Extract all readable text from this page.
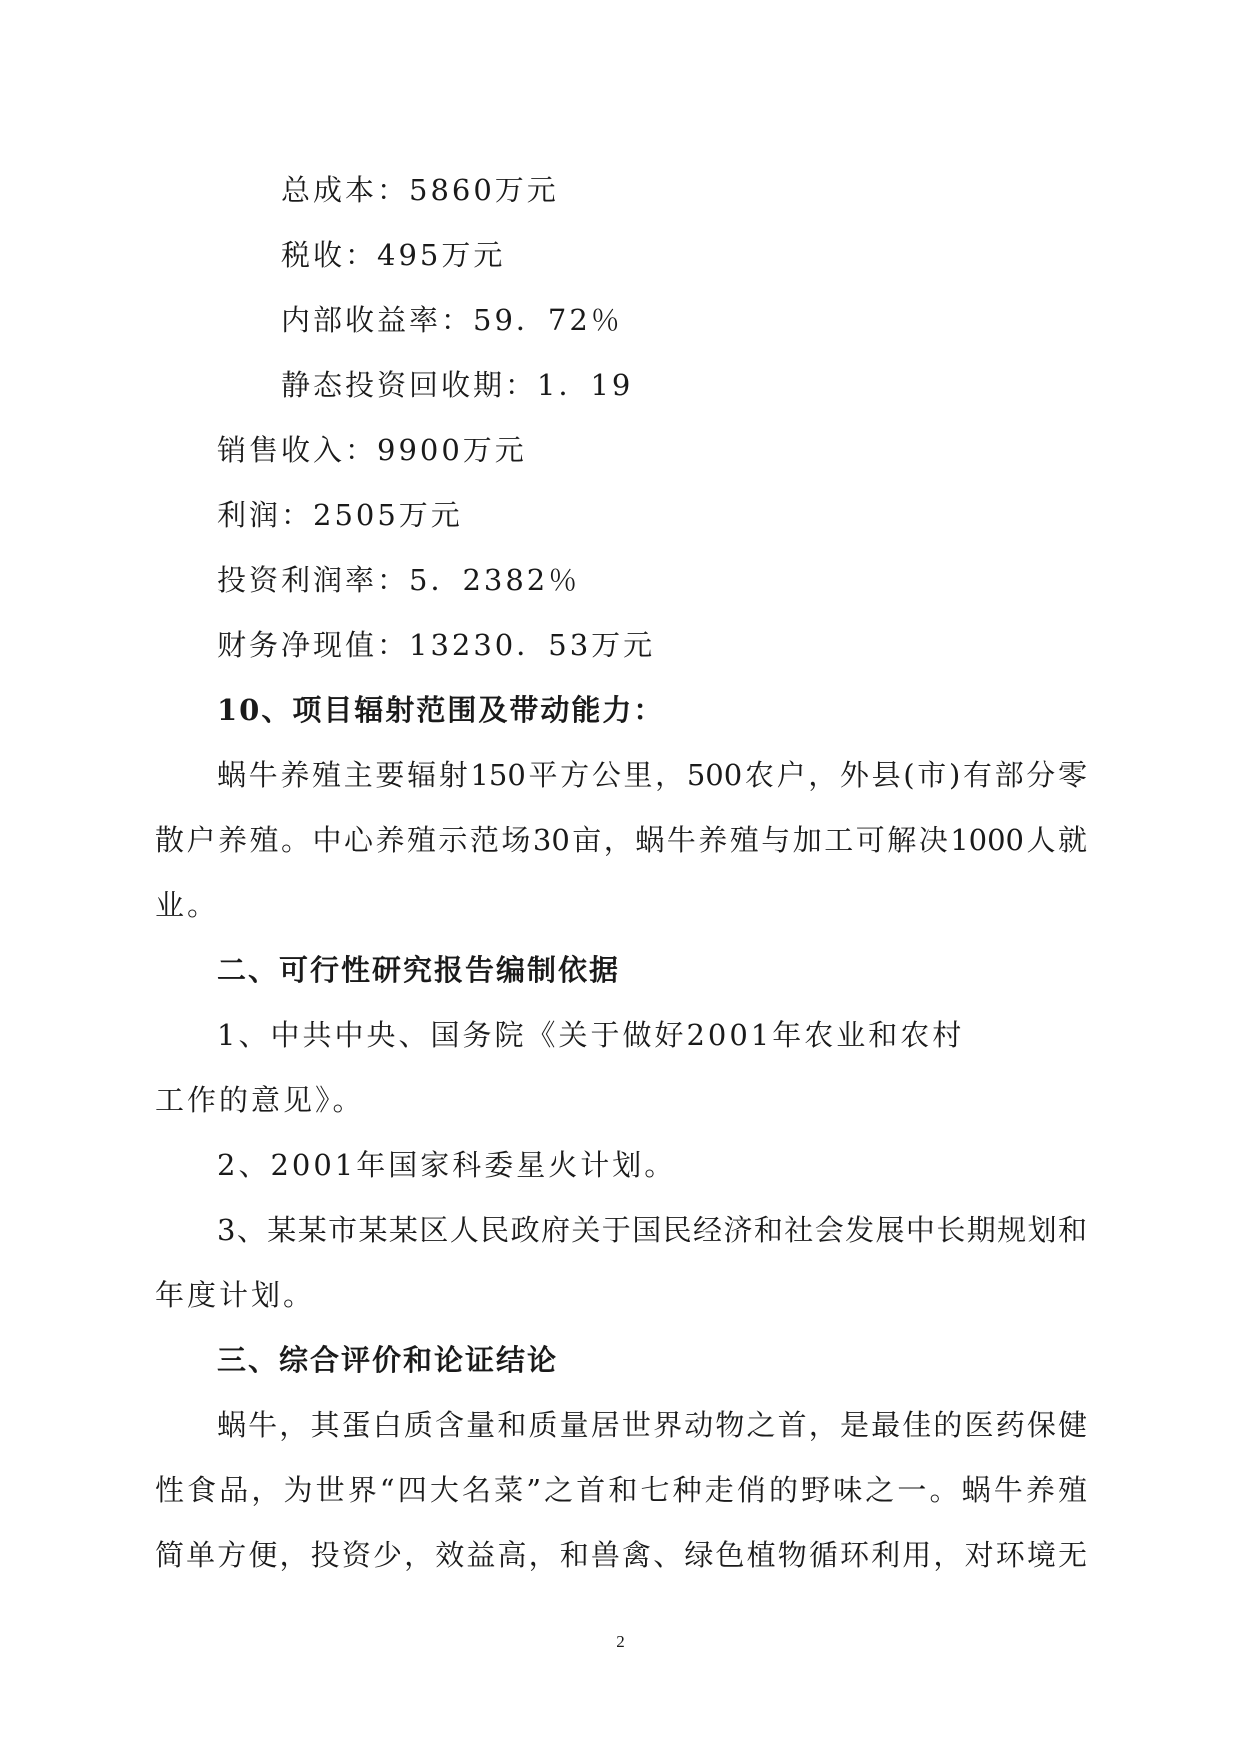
总成本：5860万元
税收：495万元
内部收益率：59．72％
静态投资回收期：1．19
销售收入：9900万元
利润：2505万元
投资利润率：5．2382％
财务净现值：13230．53万元
10、项目辐射范围及带动能力：
蜗牛养殖主要辐射150平方公里，500农户，外县(市)有部分零
散户养殖。中心养殖示范场30亩，蜗牛养殖与加工可解决1000人就
业。
二、可行性研究报告编制依据
1、中共中央、国务院《关于做好2001年农业和农村
工作的意见》。
2、2001年国家科委星火计划。
3、某某市某某区人民政府关于国民经济和社会发展中长期规划和
年度计划。
三、综合评价和论证结论
蜗牛，其蛋白质含量和质量居世界动物之首，是最佳的医药保健
性食品，为世界“四大名菜”之首和七种走俏的野味之一。蜗牛养殖
简单方便，投资少，效益高，和兽禽、绿色植物循环利用，对环境无
2
